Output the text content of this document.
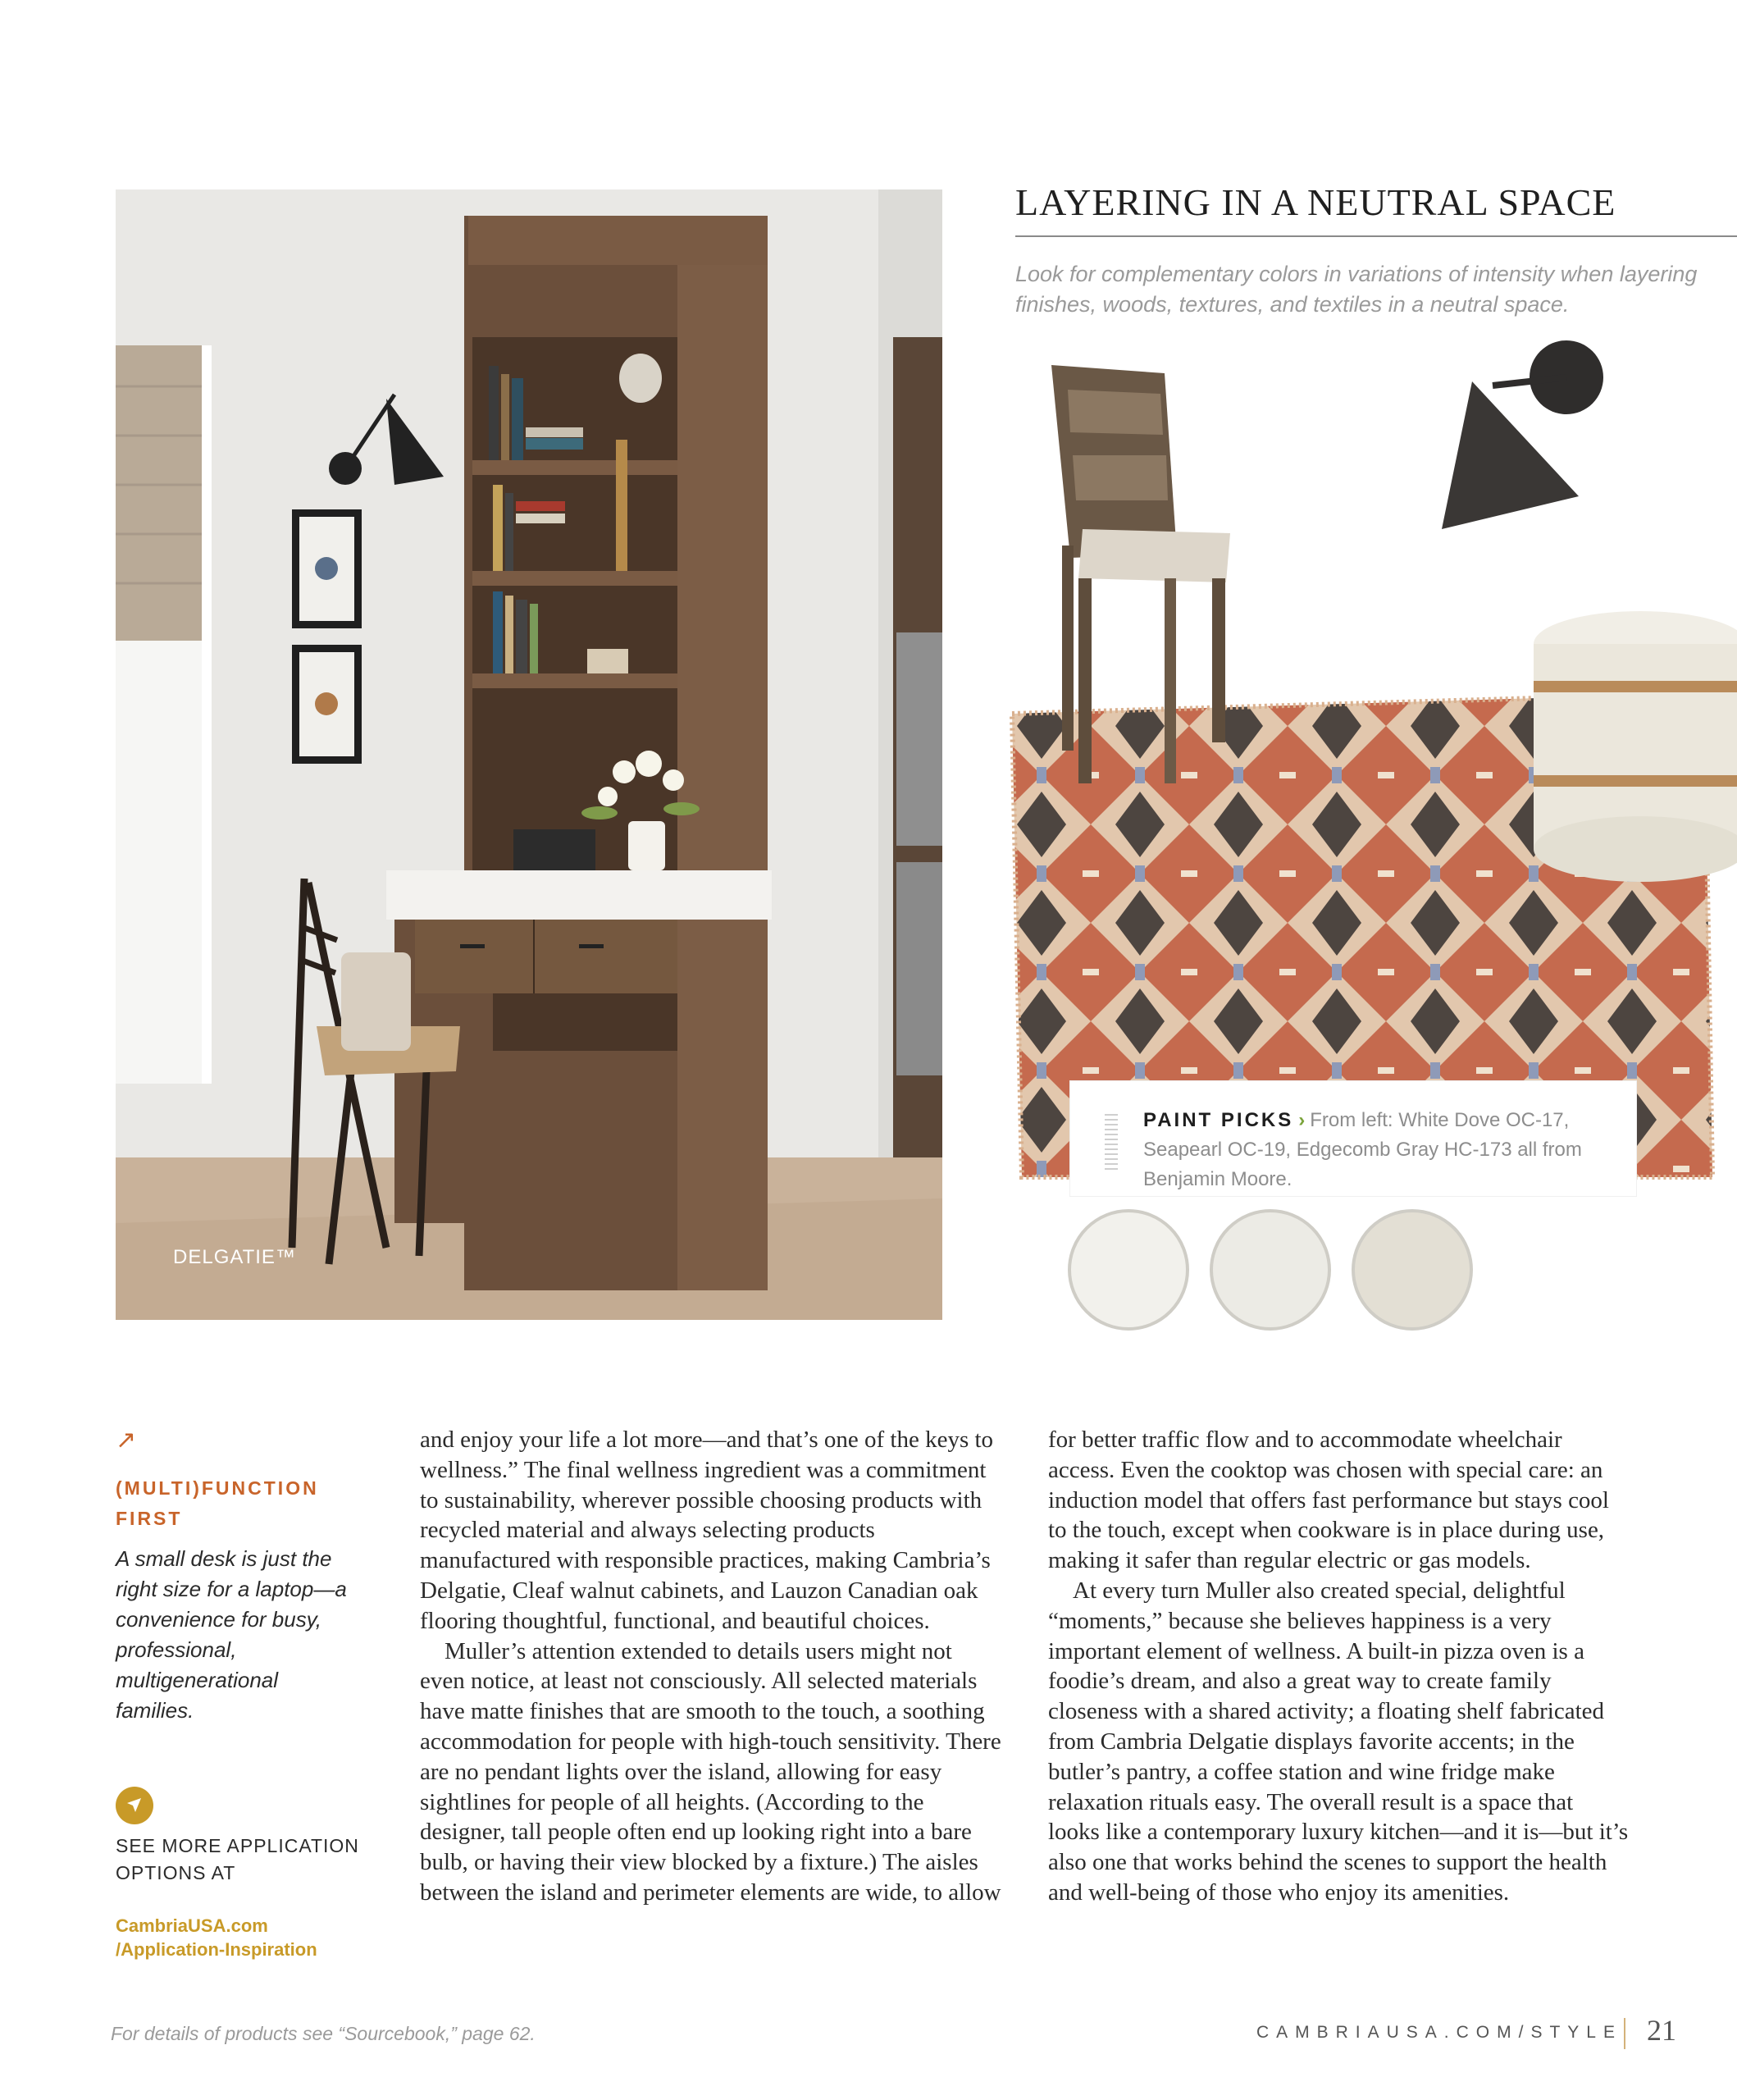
DELGATIE™
LAYERING IN A NEUTRAL SPACE
Look for complementary colors in variations of intensity when layering finishes, woods, textures, and textiles in a neutral space.
PAINT PICKS › From left: White Dove OC-17, Seapearl OC-19, Edgecomb Gray HC-173 all from Benjamin Moore.
↗
(MULTI)FUNCTION FIRST
A small desk is just the right size for a laptop—a convenience for busy, professional, multigenerational families.
SEE MORE APPLICATION OPTIONS AT
CambriaUSA.com
/Application-Inspiration

and enjoy your life a lot more—and that’s one of the keys to wellness.” The final wellness ingredient was a commitment to sustainability, wherever possible choosing products with recycled material and always selecting products manufactured with responsible practices, making Cambria’s Delgatie, Cleaf walnut cabinets, and Lauzon Canadian oak flooring thoughtful, functional, and beautiful choices.

Muller’s attention extended to details users might not even notice, at least not consciously. All selected materials have matte finishes that are smooth to the touch, a soothing accommodation for people with high-touch sensitivity. There are no pendant lights over the island, allowing for easy sightlines for people of all heights. (According to the designer, tall people often end up looking right into a bare bulb, or having their view blocked by a fixture.) The aisles between the island and perimeter elements are wide, to allow

for better traffic flow and to accommodate wheelchair access. Even the cooktop was chosen with special care: an induction model that offers fast performance but stays cool to the touch, except when cookware is in place during use, making it safer than regular electric or gas models.

At every turn Muller also created special, delightful “moments,” because she believes happiness is a very important element of wellness. A built-in pizza oven is a foodie’s dream, and also a great way to create family closeness with a shared activity; a floating shelf fabricated from Cambria Delgatie displays favorite accents; in the butler’s pantry, a coffee station and wine fridge make relaxation rituals easy. The overall result is a space that looks like a contemporary luxury kitchen—and it is—but it’s also one that works behind the scenes to support the health and well-being of those who enjoy its amenities.

For details of products see “Sourcebook,” page 62.	CAMBRIAUSA.COM/STYLE 21
